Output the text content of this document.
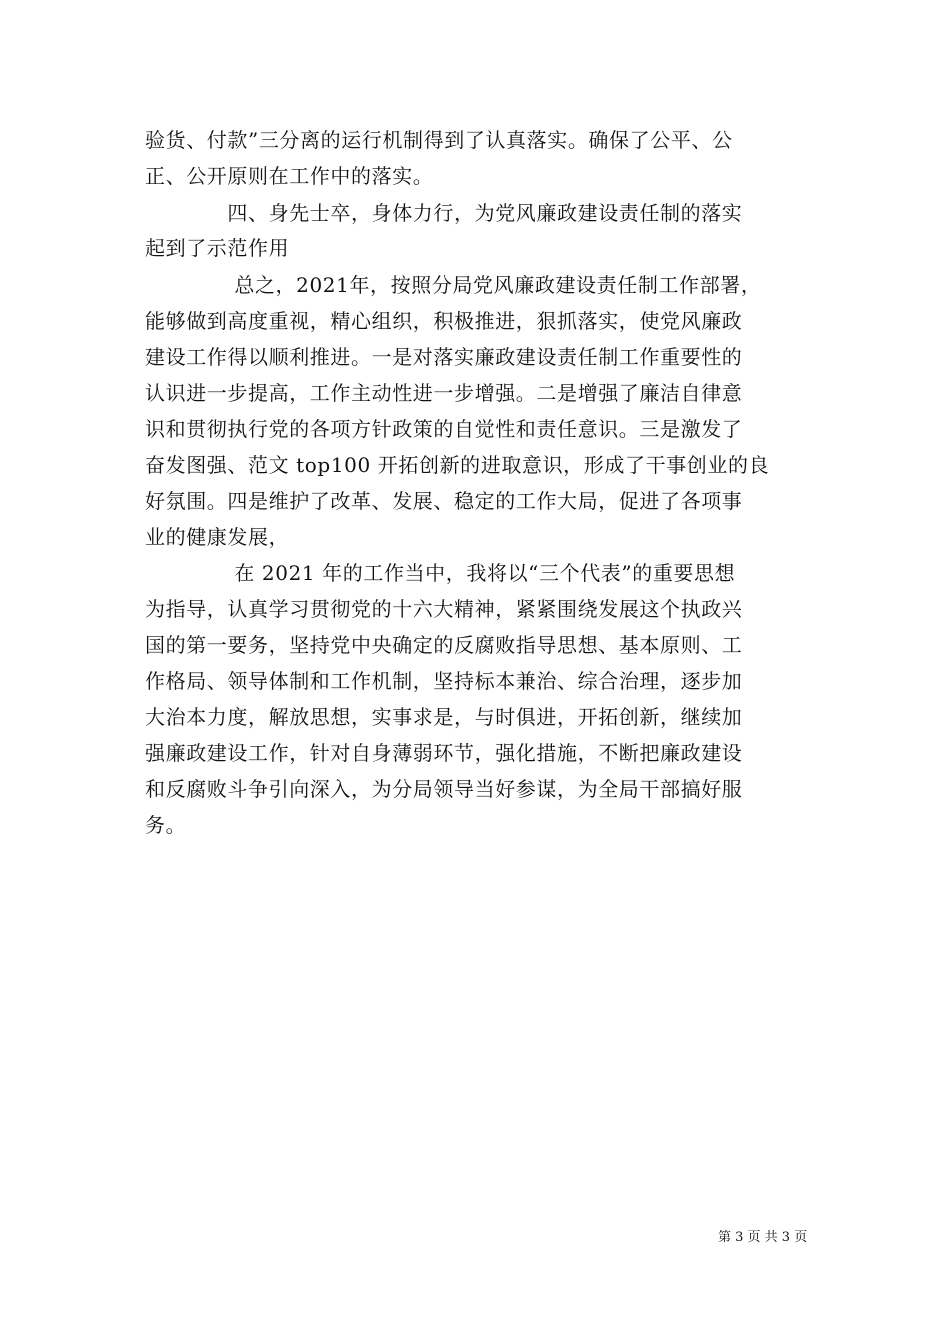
验货、付款”三分离的运行机制得到了认真落实。确保了公平、公
正、公开原则在工作中的落实。
　　　　四、身先士卒，身体力行，为党风廉政建设责任制的落实
起到了示范作用
　　　　 总之，2021年，按照分局党风廉政建设责任制工作部署，
能够做到高度重视，精心组织，积极推进，狠抓落实，使党风廉政
建设工作得以顺利推进。一是对落实廉政建设责任制工作重要性的
认识进一步提高，工作主动性进一步增强。二是增强了廉洁自律意
识和贯彻执行党的各项方针政策的自觉性和责任意识。三是激发了
奋发图强、范文 top100 开拓创新的进取意识，形成了干事创业的良
好氛围。四是维护了改革、发展、稳定的工作大局，促进了各项事
业的健康发展，
　　　　 在 2021 年的工作当中，我将以“三个代表”的重要思想
为指导，认真学习贯彻党的十六大精神，紧紧围绕发展这个执政兴
国的第一要务，坚持党中央确定的反腐败指导思想、基本原则、工
作格局、领导体制和工作机制，坚持标本兼治、综合治理，逐步加
大治本力度，解放思想，实事求是，与时俱进，开拓创新，继续加
强廉政建设工作，针对自身薄弱环节，强化措施，不断把廉政建设
和反腐败斗争引向深入，为分局领导当好参谋，为全局干部搞好服
务。
第 3 页 共 3 页
